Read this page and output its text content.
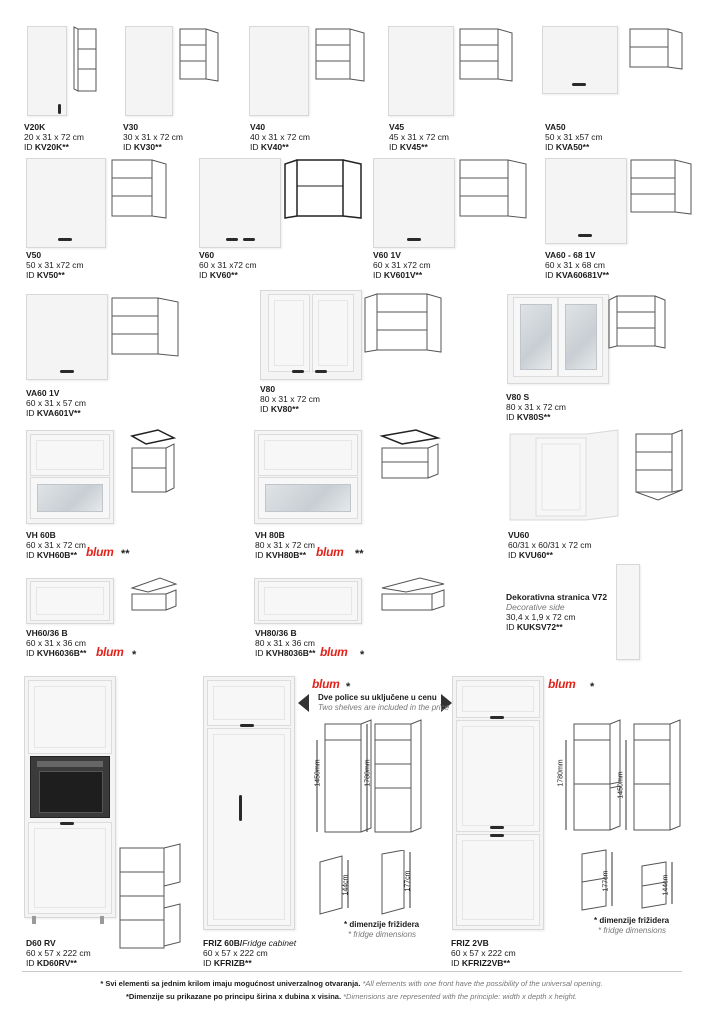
V20K
20 x 31 x 72 cm
ID KV20K**
V30
30 x 31 x 72 cm
ID KV30**
V40
40 x 31 x 72 cm
ID KV40**
V45
45 x 31 x 72 cm
ID KV45**
VA50
50 x 31 x57 cm
ID KVA50**
V50
50 x 31 x72 cm
ID KV50**
V60
60 x 31 x72 cm
ID KV60**
V60 1V
60 x 31 x72 cm
ID KV601V**
VA60 - 68 1V
60 x 31 x 68 cm
ID KVA60681V**
VA60 1V
60 x 31 x 57 cm
ID KVA601V**
V80
80 x 31 x 72 cm
ID KV80**
V80 S
80 x 31 x 72 cm
ID KV80S**
VH 60B
60 x 31 x 72 cm
ID KVH60B** blum **
VH 80B
80 x 31 x 72 cm
ID KVH80B** blum **
VU60
60/31 x 60/31 x 72 cm
ID KVU60**
VH60/36 B
60 x 31 x 36 cm
ID KVH6036B** blum *
VH80/36 B
80 x 31 x 36 cm
ID KVH8036B** blum *
Dekorativna stranica V72
Decorative side
30,4 x 1,9 x 72 cm
ID KUKSV72**
D60 RV
60 x 57 x 222 cm
ID KD60RV**
FRIZ 60B/Fridge cabinet
60 x 57 x 222 cm
ID KFRIZB**
blum *
Dve police su uključene u cenu
Two shelves are included in the price
1450mm	1780mm
144cm	177cm
* dimenzije frižidera
* fridge dimensions
blum *
1780mm	1450mm
177cm	144cm
* dimenzije frižidera
* fridge dimensions
FRIZ 2VB
60 x 57 x 222 cm
ID KFRIZ2VB**
* Svi elementi sa jednim krilom imaju mogućnost univerzalnog otvaranja. *All elements with one front have the possibility of the universal opening.
*Dimenzije su prikazane po principu širina x dubina x visina. *Dimensions are represented with the principle: width x depth x height.
